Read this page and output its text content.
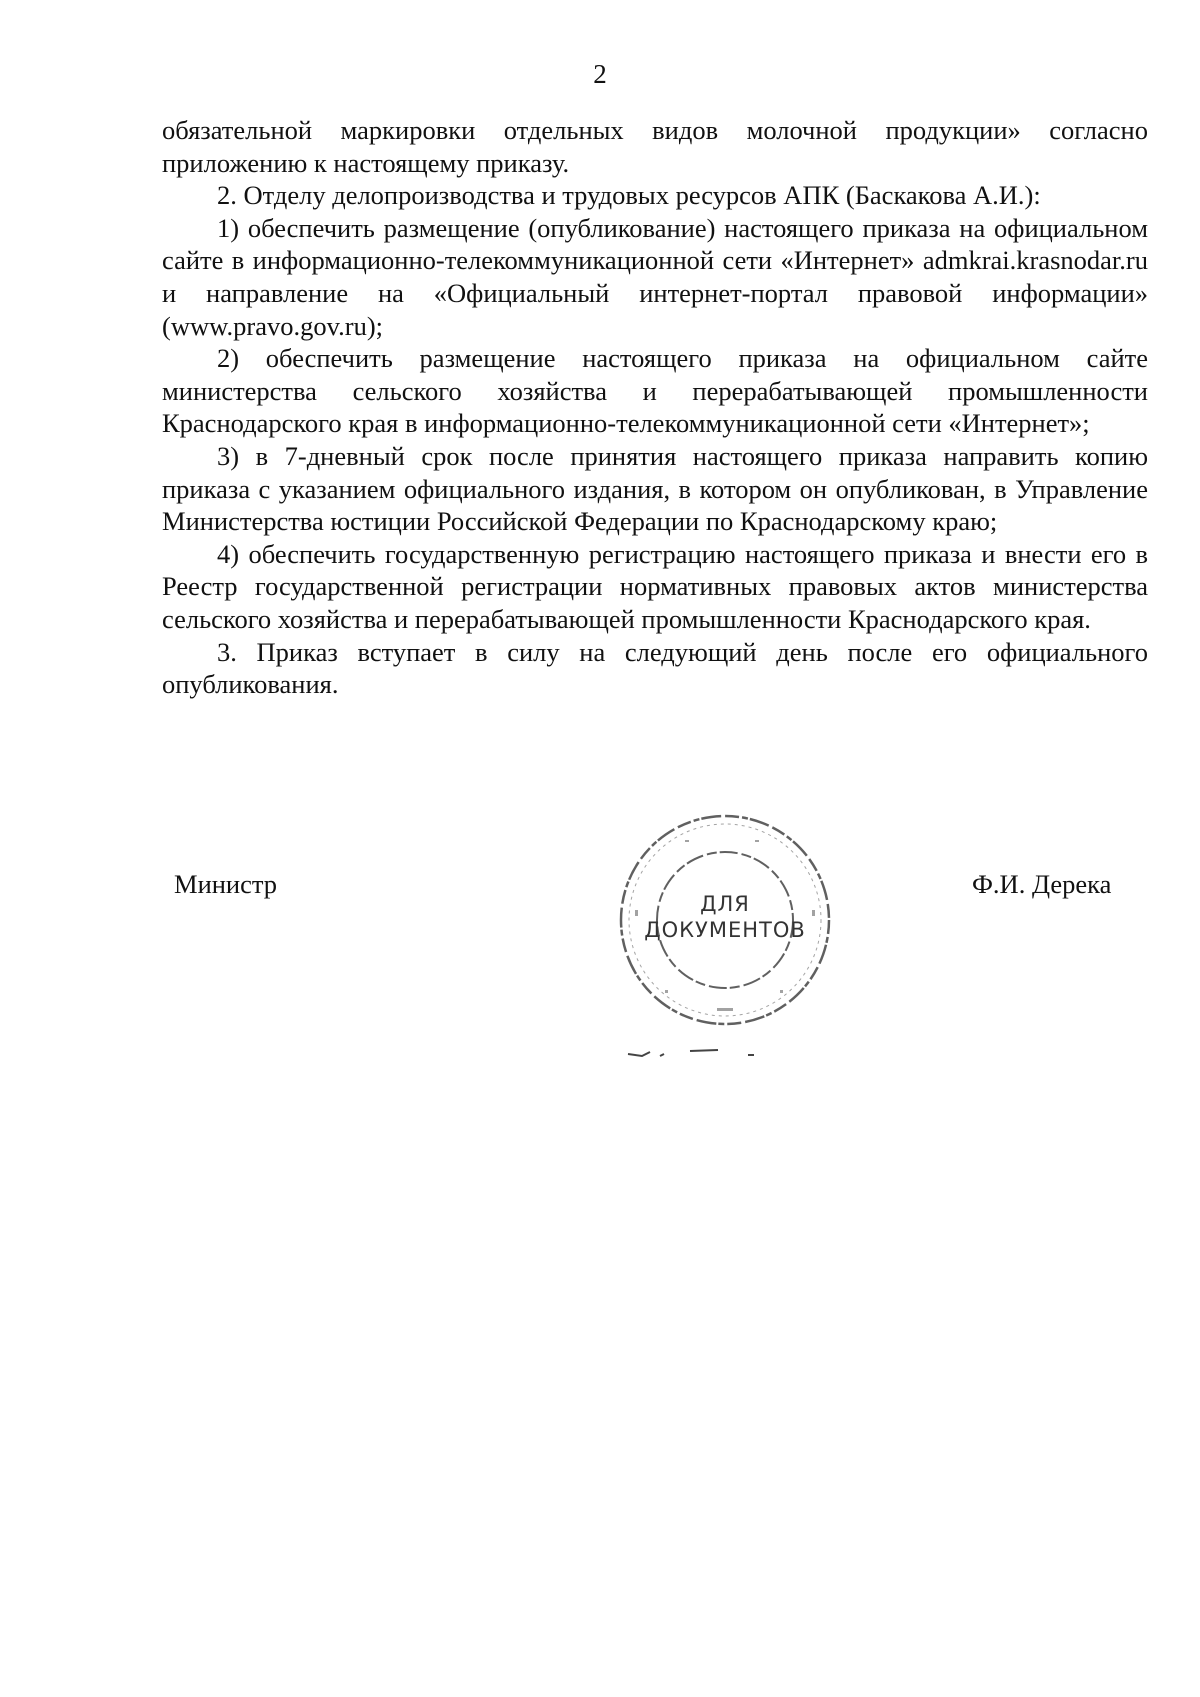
2

обязательной маркировки отдельных видов молочной продукции» согласно приложению к настоящему приказу.

2. Отделу делопроизводства и трудовых ресурсов АПК (Баскакова А.И.):

1) обеспечить размещение (опубликование) настоящего приказа на официальном сайте в информационно-телекоммуникационной сети «Интернет» admkrai.krasnodar.ru и направление на «Официальный интернет-портал правовой информации» (www.pravo.gov.ru);

2) обеспечить размещение настоящего приказа на официальном сайте министерства сельского хозяйства и перерабатывающей промышленности Краснодарского края в информационно-телекоммуникационной сети «Интернет»;

3) в 7-дневный срок после принятия настоящего приказа направить копию приказа с указанием официального издания, в котором он опубликован, в Управление Министерства юстиции Российской Федерации по Краснодарскому краю;

4) обеспечить государственную регистрацию настоящего приказа и внести его в Реестр государственной регистрации нормативных правовых актов министерства сельского хозяйства и перерабатывающей промышленности Краснодарского края.

3. Приказ вступает в силу на следующий день после его официального опубликования.

Министр
ДЛЯ
ДОКУМЕНТОВ
Ф.И. Дерека
